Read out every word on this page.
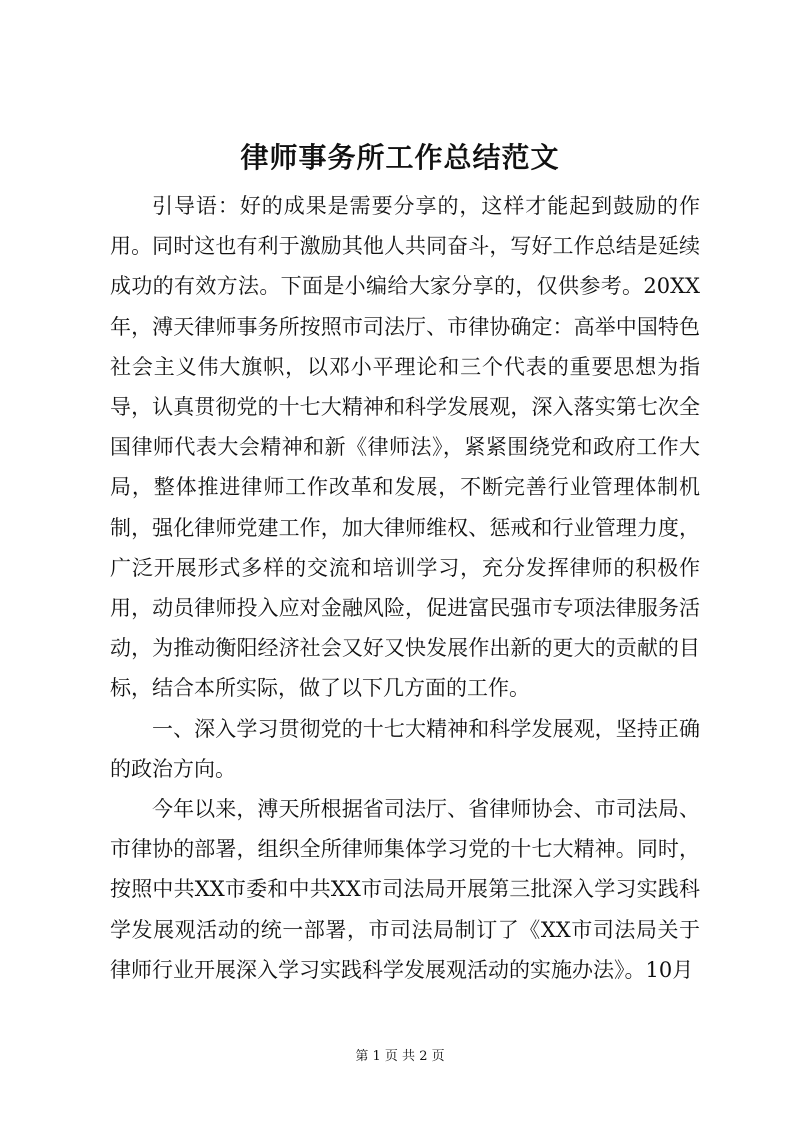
律师事务所工作总结范文

引导语：好的成果是需要分享的，这样才能起到鼓励的作用。同时这也有利于激励其他人共同奋斗，写好工作总结是延续成功的有效方法。下面是小编给大家分享的，仅供参考。20XX年，溥天律师事务所按照市司法厅、市律协确定：高举中国特色社会主义伟大旗帜，以邓小平理论和三个代表的重要思想为指导，认真贯彻党的十七大精神和科学发展观，深入落实第七次全国律师代表大会精神和新《律师法》，紧紧围绕党和政府工作大局，整体推进律师工作改革和发展，不断完善行业管理体制机制，强化律师党建工作，加大律师维权、惩戒和行业管理力度，广泛开展形式多样的交流和培训学习，充分发挥律师的积极作用，动员律师投入应对金融风险，促进富民强市专项法律服务活动，为推动衡阳经济社会又好又快发展作出新的更大的贡献的目标，结合本所实际，做了以下几方面的工作。

一、深入学习贯彻党的十七大精神和科学发展观，坚持正确的政治方向。

今年以来，溥天所根据省司法厅、省律师协会、市司法局、市律协的部署，组织全所律师集体学习党的十七大精神。同时，按照中共XX市委和中共XX市司法局开展第三批深入学习实践科学发展观活动的统一部署，市司法局制订了《XX市司法局关于律师行业开展深入学习实践科学发展观活动的实施办法》。10月

第 1 页 共 2 页
